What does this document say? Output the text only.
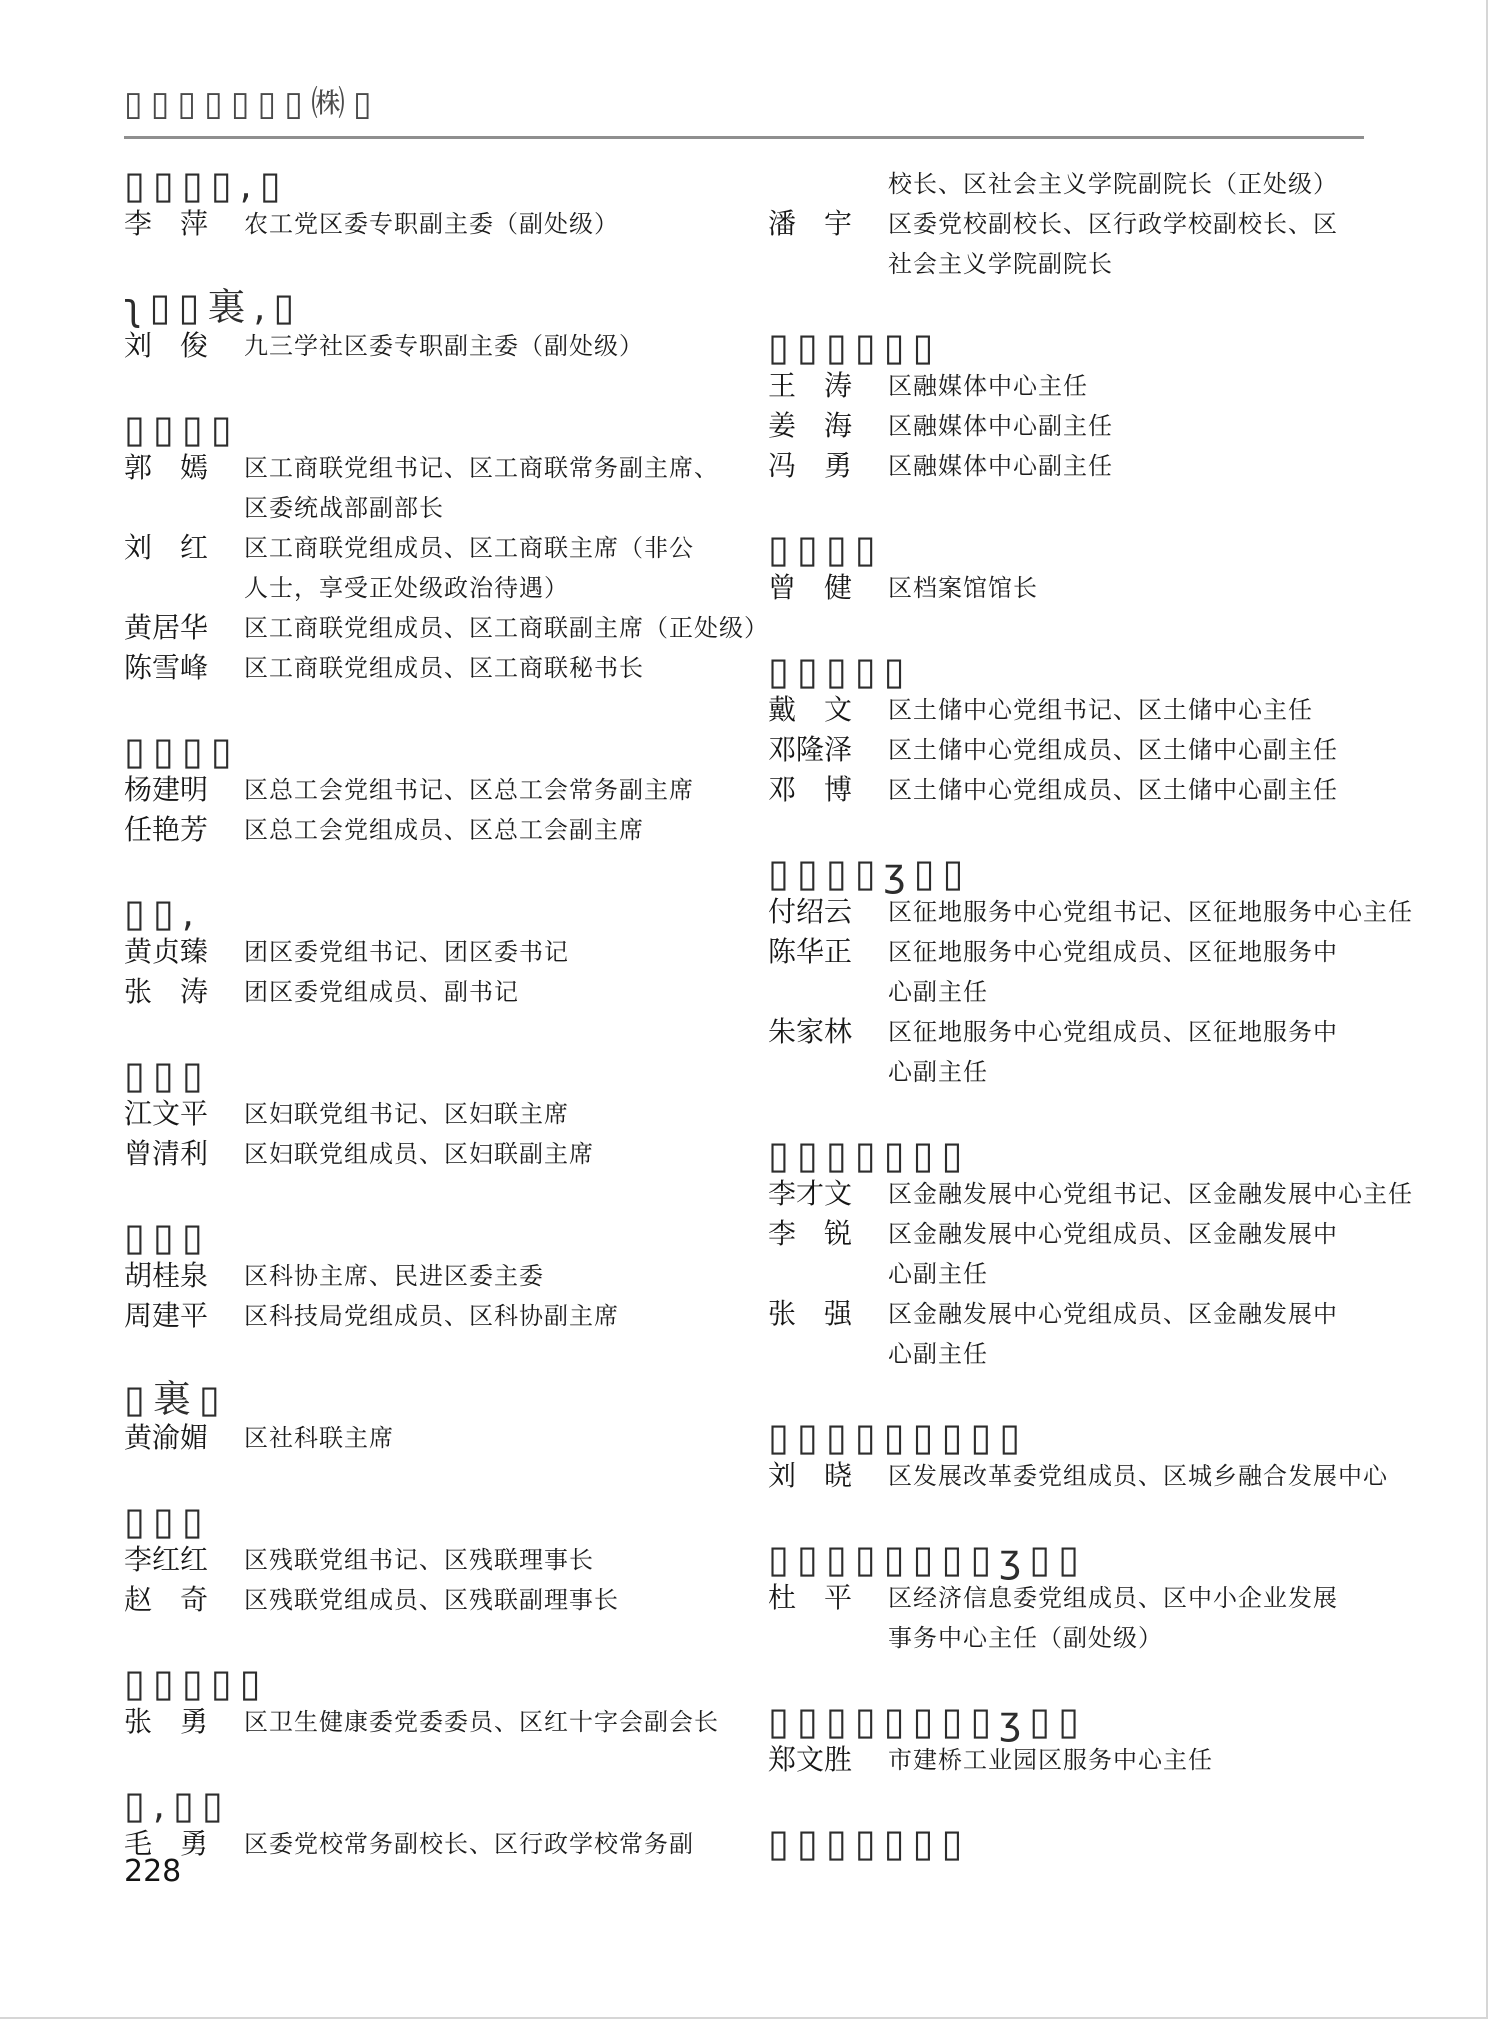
▯▯▯▯▯▯▯㈱▯
▯▯▯▯,▯
李　萍	农工党区委专职副主委（副处级）
ʅ▯▯裏,▯
刘　俊	九三学社区委专职副主委（副处级）
▯▯▯▯
郭　嫣	区工商联党组书记、区工商联常务副主席、
区委统战部副部长
刘　红	区工商联党组成员、区工商联主席（非公
人士，享受正处级政治待遇）
黄居华	区工商联党组成员、区工商联副主席（正处级）
陈雪峰	区工商联党组成员、区工商联秘书长
▯▯▯▯
杨建明	区总工会党组书记、区总工会常务副主席
任艳芳	区总工会党组成员、区总工会副主席
▯▯,
黄贞臻	团区委党组书记、团区委书记
张　涛	团区委党组成员、副书记
▯▯▯
江文平	区妇联党组书记、区妇联主席
曾清利	区妇联党组成员、区妇联副主席
▯▯▯
胡桂泉	区科协主席、民进区委主委
周建平	区科技局党组成员、区科协副主席
▯裏▯
黄渝媚	区社科联主席
▯▯▯
李红红	区残联党组书记、区残联理事长
赵　奇	区残联党组成员、区残联副理事长
▯▯▯▯▯
张　勇	区卫生健康委党委委员、区红十字会副会长
▯,▯▯
毛　勇	区委党校常务副校长、区行政学校常务副
校长、区社会主义学院副院长（正处级）
潘　宇	区委党校副校长、区行政学校副校长、区
社会主义学院副院长
▯▯▯▯▯▯
王　涛	区融媒体中心主任
姜　海	区融媒体中心副主任
冯　勇	区融媒体中心副主任
▯▯▯▯
曾　健	区档案馆馆长
▯▯▯▯▯
戴　文	区土储中心党组书记、区土储中心主任
邓隆泽	区土储中心党组成员、区土储中心副主任
邓　博	区土储中心党组成员、区土储中心副主任
▯▯▯▯ʒ▯▯
付绍云	区征地服务中心党组书记、区征地服务中心主任
陈华正	区征地服务中心党组成员、区征地服务中
心副主任
朱家林	区征地服务中心党组成员、区征地服务中
心副主任
▯▯▯▯▯▯▯
李才文	区金融发展中心党组书记、区金融发展中心主任
李　锐	区金融发展中心党组成员、区金融发展中
心副主任
张　强	区金融发展中心党组成员、区金融发展中
心副主任
▯▯▯▯▯▯▯▯▯
刘　晓	区发展改革委党组成员、区城乡融合发展中心
▯▯▯▯▯▯▯▯ʒ▯▯
杜　平	区经济信息委党组成员、区中小企业发展
事务中心主任（副处级）
▯▯▯▯▯▯▯▯ʒ▯▯
郑文胜	市建桥工业园区服务中心主任
▯▯▯▯▯▯▯
228
